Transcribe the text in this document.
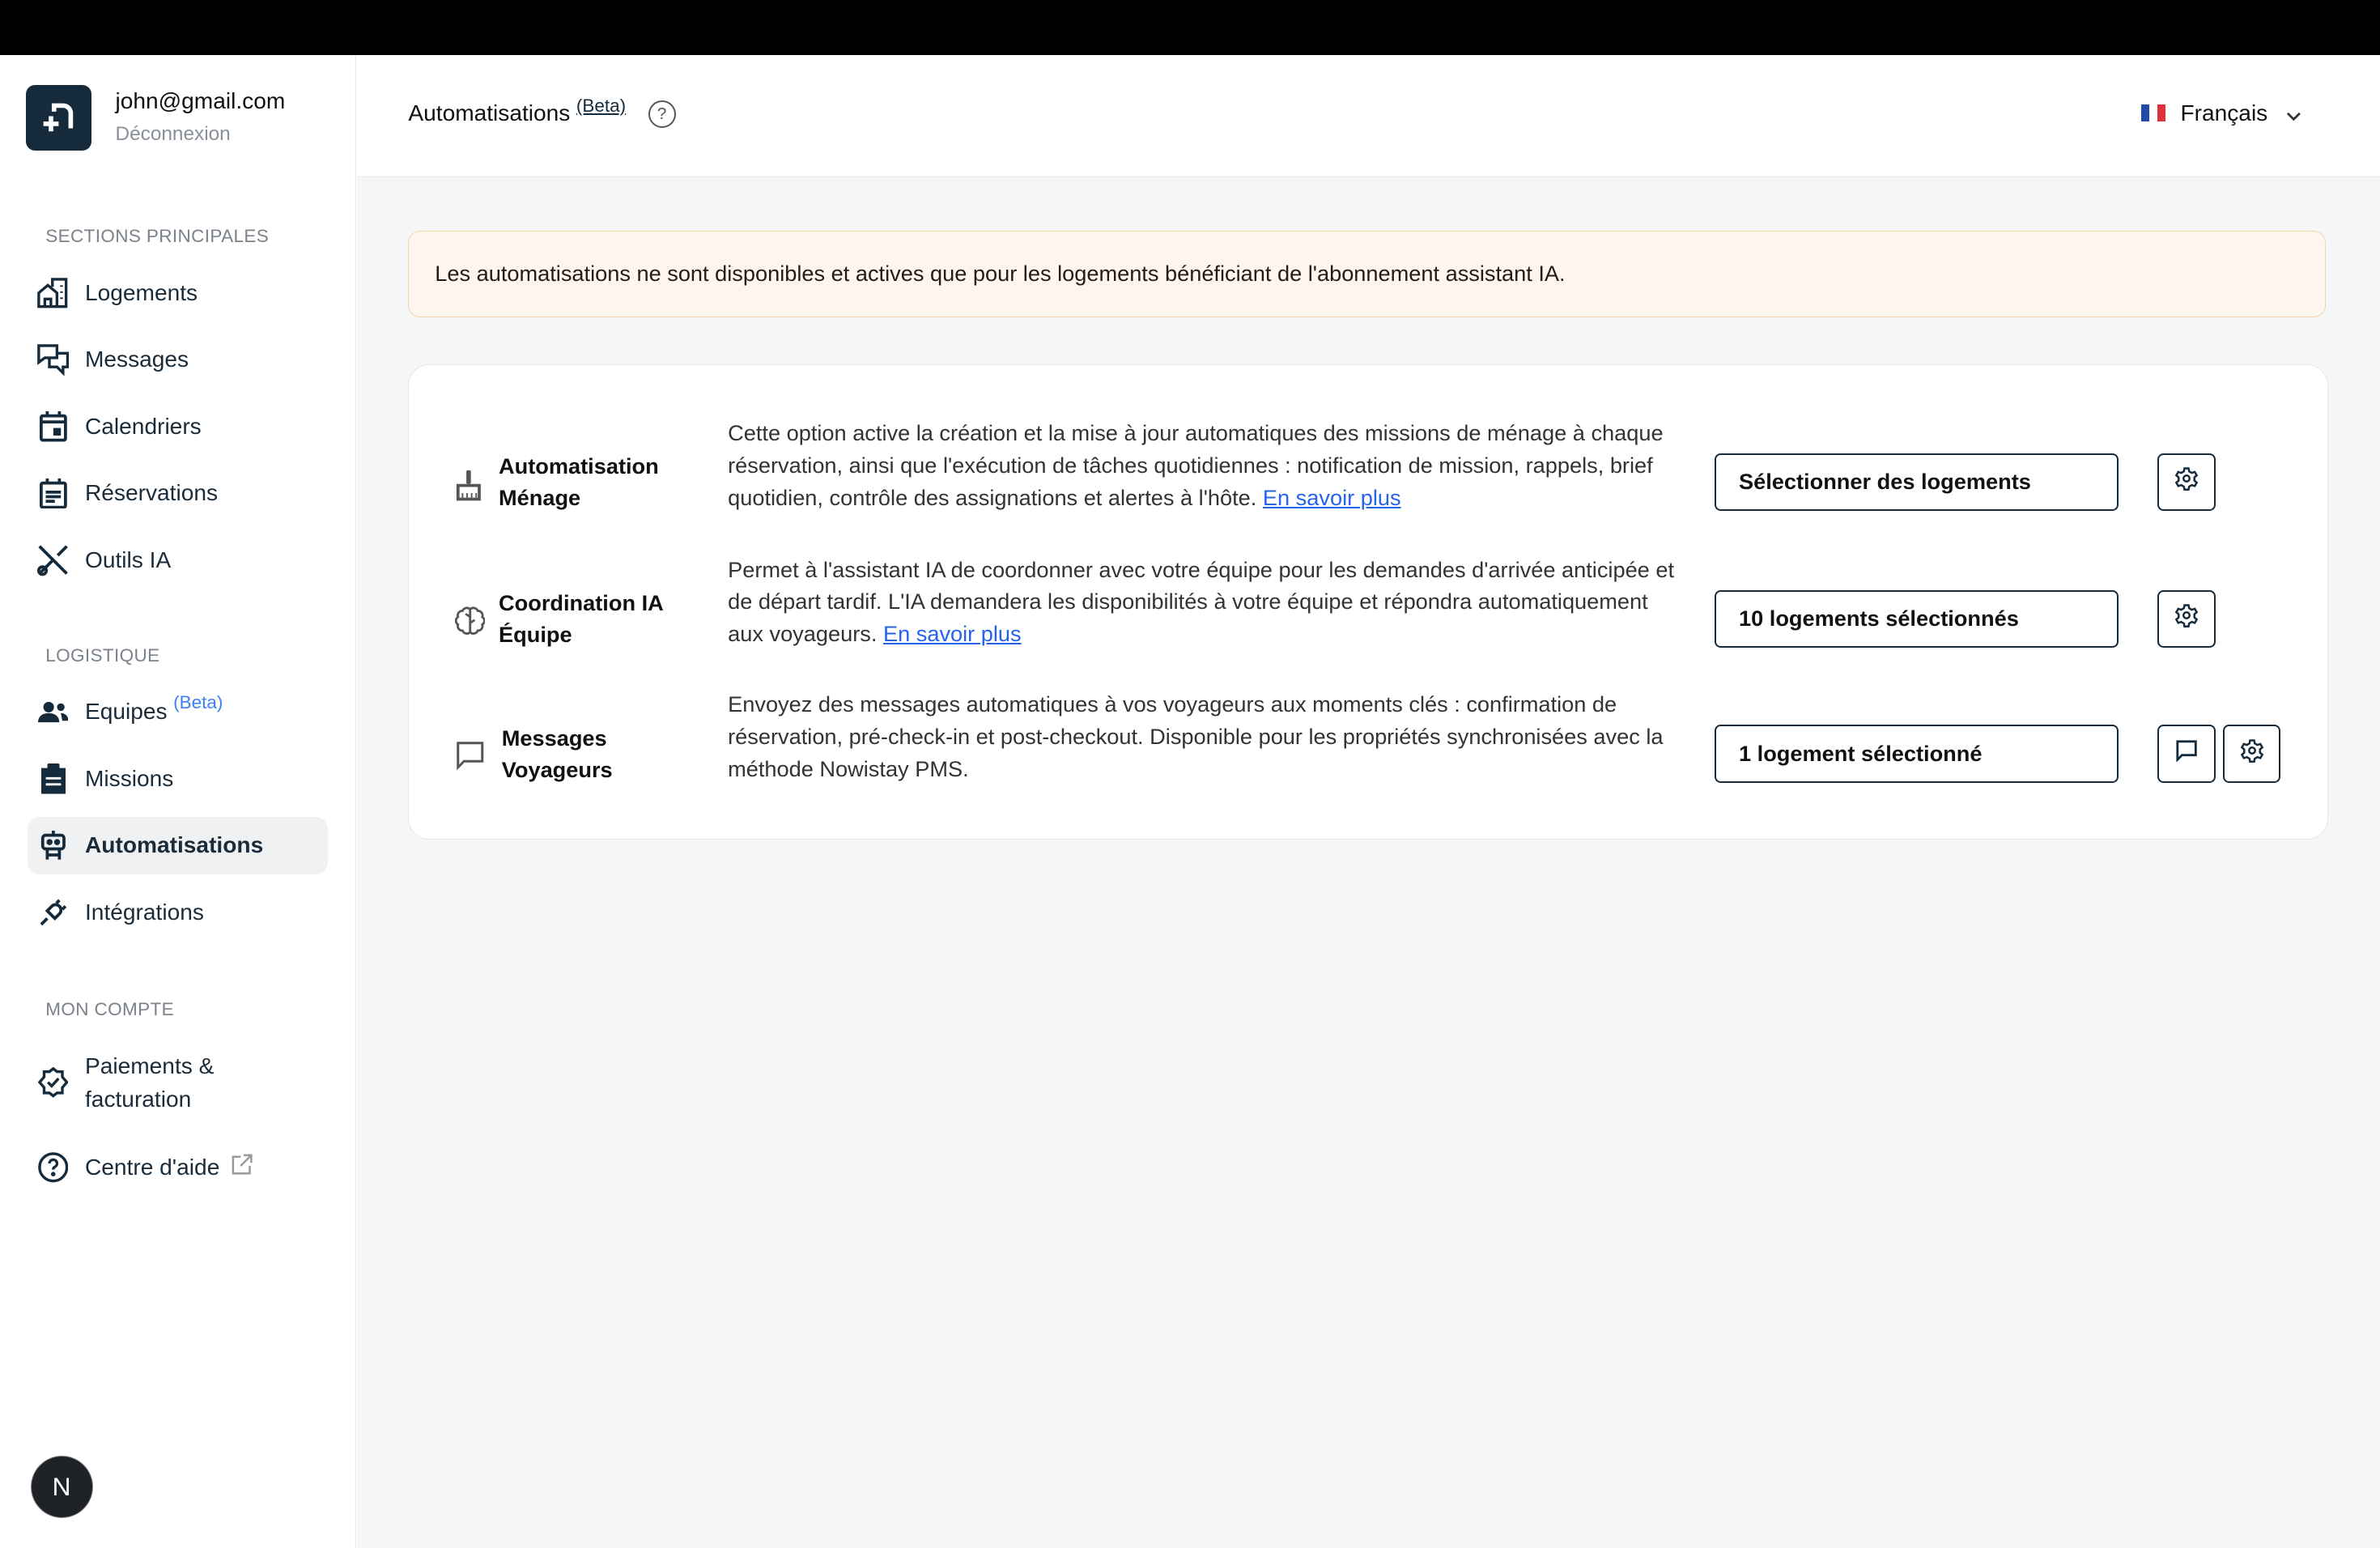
john@gmail.com
Déconnexion
SECTIONS PRINCIPALES
Logements
Messages
Calendriers
Réservations
Outils IA
LOGISTIQUE
Equipes (Beta)
Missions
Automatisations
Intégrations
MON COMPTE
Paiements & facturation
Centre d'aide
N
Automatisations $^{(Beta)}$	?	Français
Les automatisations ne sont disponibles et actives que pour les logements bénéficiant de l'abonnement assistant IA.
Automatisation Ménage
Cette option active la création et la mise à jour automatiques des missions de ménage à chaque réservation, ainsi que l'exécution de tâches quotidiennes : notification de mission, rappels, brief quotidien, contrôle des assignations et alertes à l'hôte. En savoir plus
Sélectionner des logements
Coordination IA Équipe
Permet à l'assistant IA de coordonner avec votre équipe pour les demandes d'arrivée anticipée et de départ tardif. L'IA demandera les disponibilités à votre équipe et répondra automatiquement aux voyageurs. En savoir plus
10 logements sélectionnés
Messages Voyageurs
Envoyez des messages automatiques à vos voyageurs aux moments clés : confirmation de réservation, pré-check-in et post-checkout. Disponible pour les propriétés synchronisées avec la méthode Nowistay PMS.
1 logement sélectionné
